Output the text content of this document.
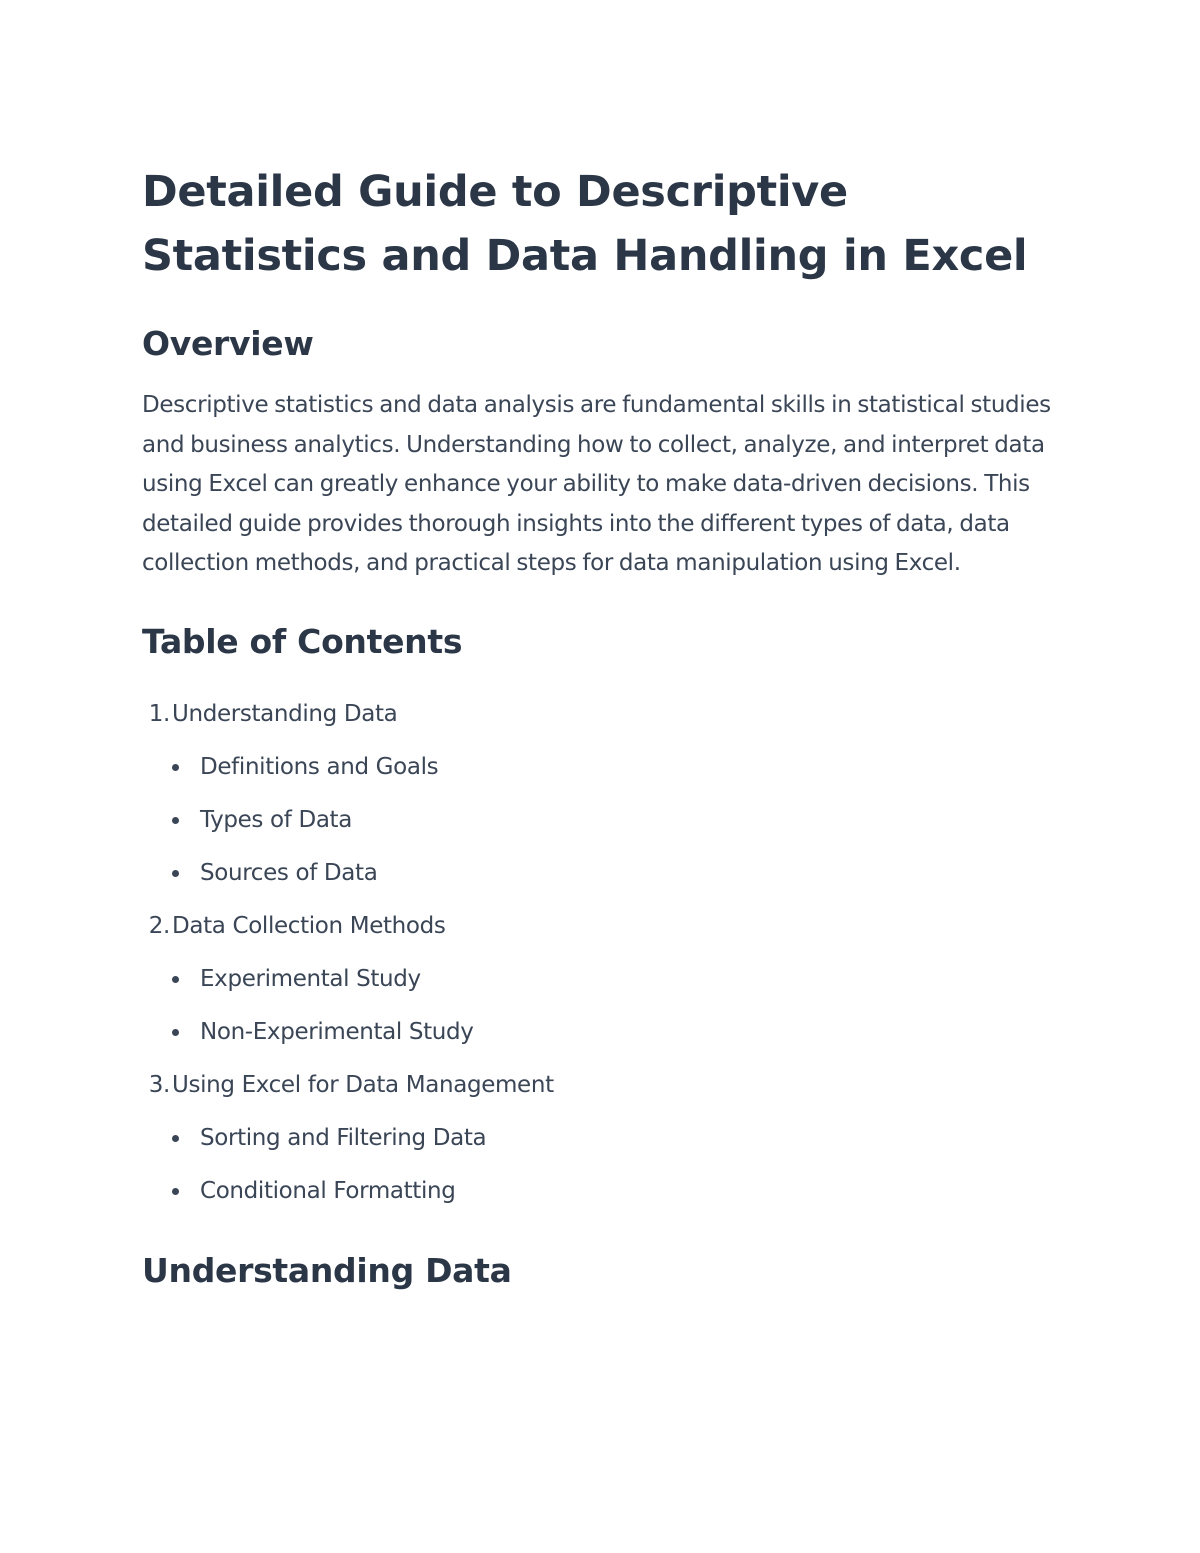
Detailed Guide to Descriptive Statistics and Data Handling in Excel
Overview

Descriptive statistics and data analysis are fundamental skills in statistical studies and business analytics. Understanding how to collect, analyze, and interpret data using Excel can greatly enhance your ability to make data-driven decisions. This detailed guide provides thorough insights into the different types of data, data collection methods, and practical steps for data manipulation using Excel.

Table of Contents
1.Understanding Data
Definitions and Goals
Types of Data
Sources of Data
2.Data Collection Methods
Experimental Study
Non-Experimental Study
3.Using Excel for Data Management
Sorting and Filtering Data
Conditional Formatting
Understanding Data
